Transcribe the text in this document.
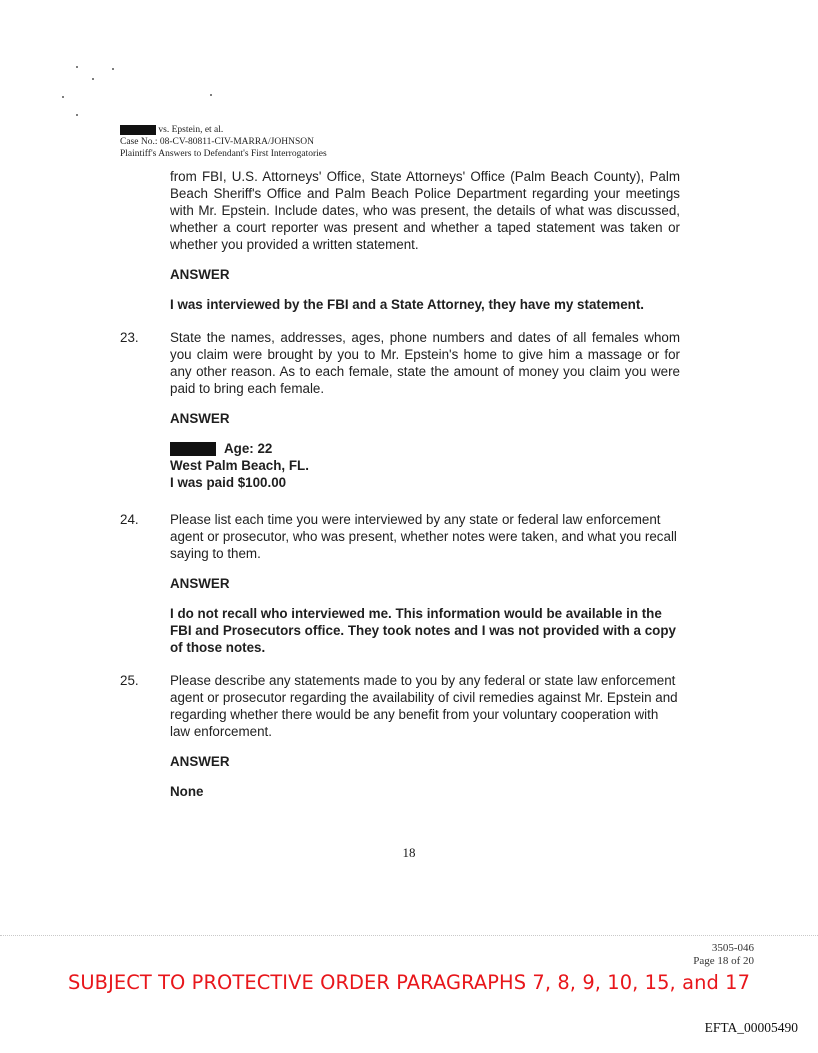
vs. Epstein, et al.
Case No.: 08-CV-80811-CIV-MARRA/JOHNSON
Plaintiff's Answers to Defendant's First Interrogatories

from FBI, U.S. Attorneys' Office, State Attorneys' Office (Palm Beach County), Palm Beach Sheriff's Office and Palm Beach Police Department regarding your meetings with Mr. Epstein. Include dates, who was present, the details of what was discussed, whether a court reporter was present and whether a taped statement was taken or whether you provided a written statement.

ANSWER

I was interviewed by the FBI and a State Attorney, they have my statement.

23. State the names, addresses, ages, phone numbers and dates of all females whom you claim were brought by you to Mr. Epstein's home to give him a massage or for any other reason. As to each female, state the amount of money you claim you were paid to bring each female.

ANSWER

Age: 22
West Palm Beach, FL.
I was paid $100.00
24. Please list each time you were interviewed by any state or federal law enforcement agent or prosecutor, who was present, whether notes were taken, and what you recall saying to them.

ANSWER

I do not recall who interviewed me. This information would be available in the FBI and Prosecutors office. They took notes and I was not provided with a copy of those notes.

25. Please describe any statements made to you by any federal or state law enforcement agent or prosecutor regarding the availability of civil remedies against Mr. Epstein and regarding whether there would be any benefit from your voluntary cooperation with law enforcement.

ANSWER

None

18
3505-046
Page 18 of 20
SUBJECT TO PROTECTIVE ORDER PARAGRAPHS 7, 8, 9, 10, 15, and 17
EFTA_00005490
